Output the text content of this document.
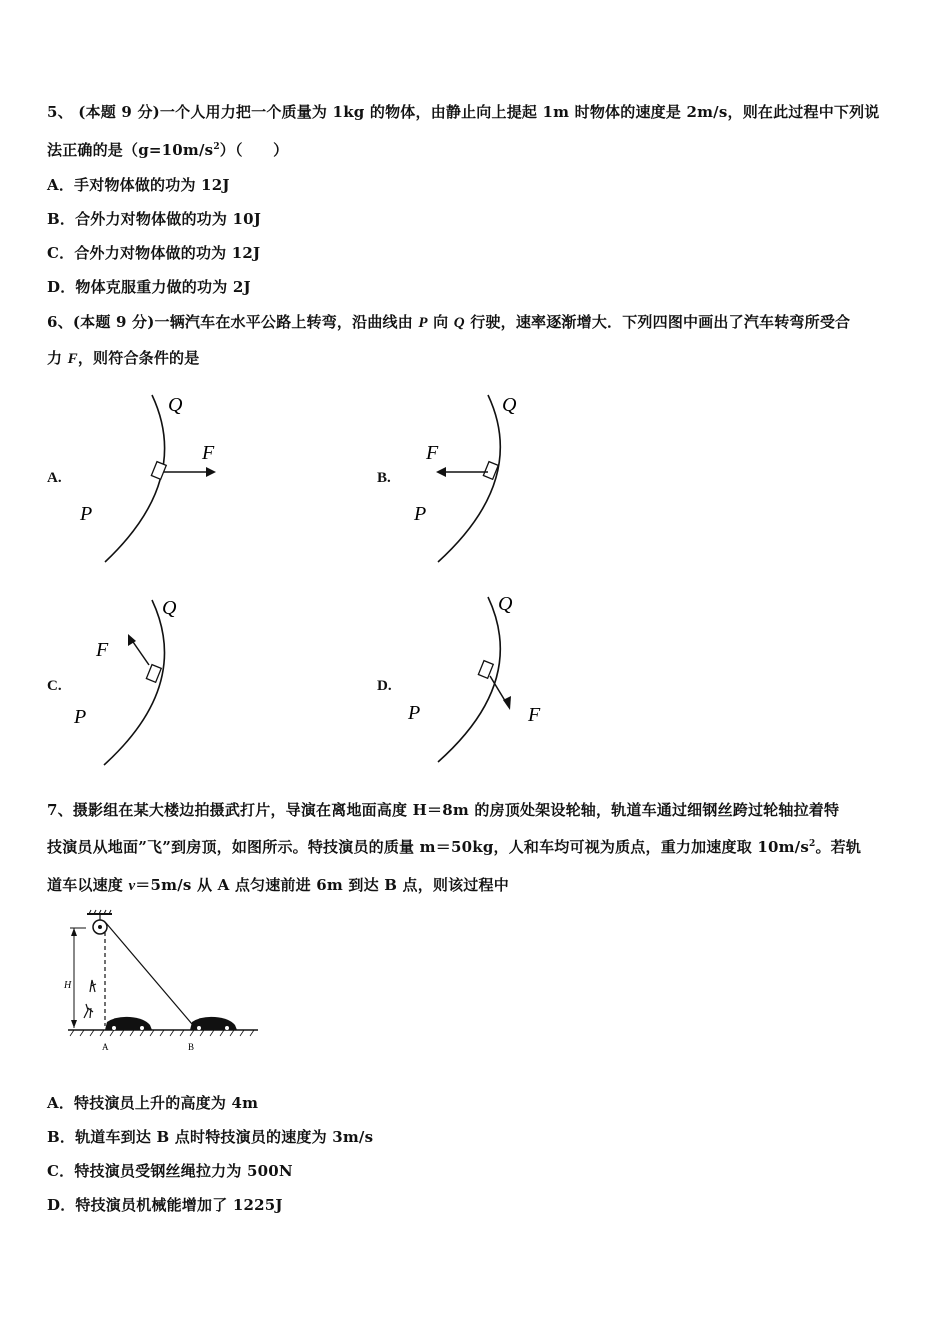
5、 (本题 9 分)一个人用力把一个质量为 1kg 的物体，由静止向上提起 1m 时物体的速度是 2m/s，则在此过程中下列说
法正确的是$(g=10m/s^2)$（　　）
A．手对物体做的功为 12J
B．合外力对物体做的功为 10J
C．合外力对物体做的功为 12J
D．物体克服重力做的功为 2J
6、(本题 9 分)一辆汽车在水平公路上转弯，沿曲线由 P 向 Q 行驶，速率逐渐增大．下列四图中画出了汽车转弯所受合
力 F，则符合条件的是
A.
Q
F
P
B.
Q
F
P
C.
Q
F
P
D.
Q
F
P
7、摄影组在某大楼边拍摄武打片，导演在离地面高度 H＝8m 的房顶处架设轮轴，轨道车通过细钢丝跨过轮轴拉着特
技演员从地面”飞”到房顶，如图所示。特技演员的质量 m＝50kg，人和车均可视为质点，重力加速度取 $10m/s^2$。若轨
道车以速度 v＝5m/s 从 A 点匀速前进 6m 到达 B 点，则该过程中
H
A	B
A．特技演员上升的高度为 4m
B．轨道车到达 B 点时特技演员的速度为 3m/s
C．特技演员受钢丝绳拉力为 500N
D．特技演员机械能增加了 1225J
